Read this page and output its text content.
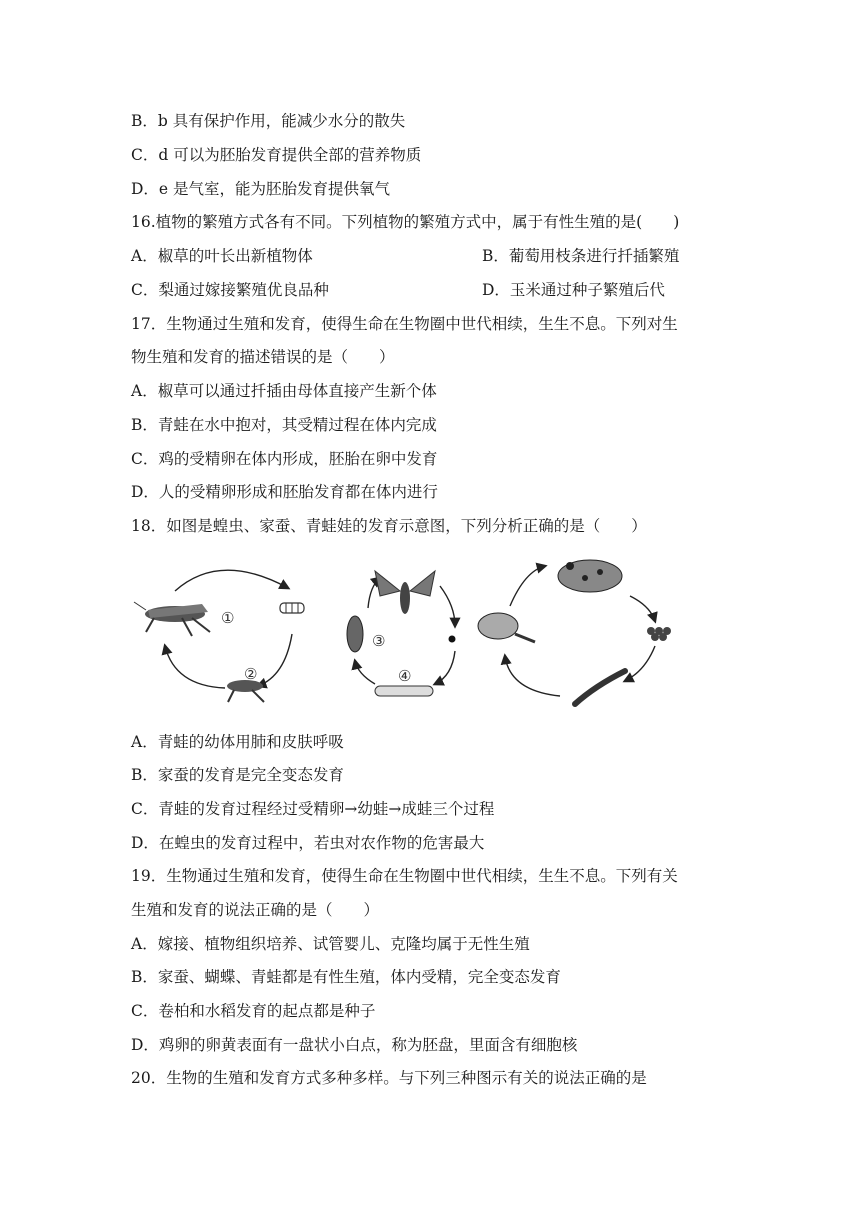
B．b 具有保护作用，能减少水分的散失
C．d 可以为胚胎发育提供全部的营养物质
D．e 是气室，能为胚胎发育提供氧气
16.植物的繁殖方式各有不同。下列植物的繁殖方式中，属于有性生殖的是(　　)
A．椒草的叶长出新植物体	B．葡萄用枝条进行扦插繁殖
C．梨通过嫁接繁殖优良品种	D．玉米通过种子繁殖后代
17．生物通过生殖和发育，使得生命在生物圈中世代相续，生生不息。下列对生
物生殖和发育的描述错误的是（　　）
A．椒草可以通过扦插由母体直接产生新个体
B．青蛙在水中抱对，其受精过程在体内完成
C．鸡的受精卵在体内形成，胚胎在卵中发育
D．人的受精卵形成和胚胎发育都在体内进行
18．如图是蝗虫、家蚕、青蛙娃的发育示意图，下列分析正确的是（　　）
①
②
③
④
A．青蛙的幼体用肺和皮肤呼吸
B．家蚕的发育是完全变态发育
C．青蛙的发育过程经过受精卵→幼蛙→成蛙三个过程
D．在蝗虫的发育过程中，若虫对农作物的危害最大
19．生物通过生殖和发育，使得生命在生物圈中世代相续，生生不息。下列有关
生殖和发育的说法正确的是（　　）
A．嫁接、植物组织培养、试管婴儿、克隆均属于无性生殖
B．家蚕、蝴蝶、青蛙都是有性生殖，体内受精，完全变态发育
C．卷柏和水稻发育的起点都是种子
D．鸡卵的卵黄表面有一盘状小白点，称为胚盘，里面含有细胞核
20．生物的生殖和发育方式多种多样。与下列三种图示有关的说法正确的是
